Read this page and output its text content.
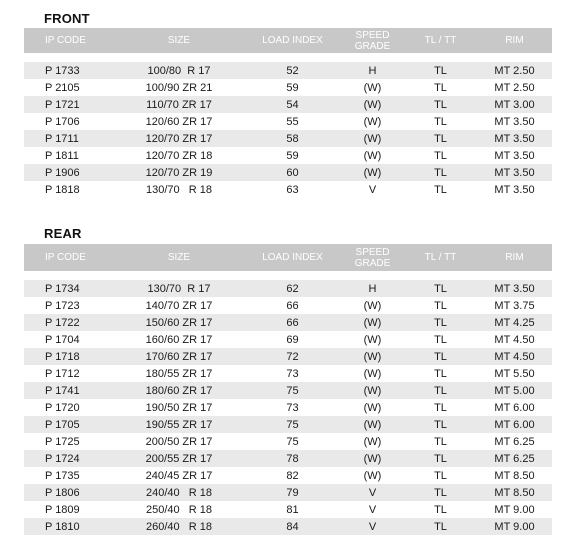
FRONT
IP CODE	SIZE	LOAD INDEX	SPEED GRADE	TL / TT	RIM
P 1733	100/80  R 17	52	H	TL	MT 2.50
P 2105	100/90 ZR 21	59	(W)	TL	MT 2.50
P 1721	110/70 ZR 17	54	(W)	TL	MT 3.00
P 1706	120/60 ZR 17	55	(W)	TL	MT 3.50
P 1711	120/70 ZR 17	58	(W)	TL	MT 3.50
P 1811	120/70 ZR 18	59	(W)	TL	MT 3.50
P 1906	120/70 ZR 19	60	(W)	TL	MT 3.50
P 1818	130/70   R 18	63	V	TL	MT 3.50
REAR
IP CODE	SIZE	LOAD INDEX	SPEED GRADE	TL / TT	RIM
P 1734	130/70  R 17	62	H	TL	MT 3.50
P 1723	140/70 ZR 17	66	(W)	TL	MT 3.75
P 1722	150/60 ZR 17	66	(W)	TL	MT 4.25
P 1704	160/60 ZR 17	69	(W)	TL	MT 4.50
P 1718	170/60 ZR 17	72	(W)	TL	MT 4.50
P 1712	180/55 ZR 17	73	(W)	TL	MT 5.50
P 1741	180/60 ZR 17	75	(W)	TL	MT 5.00
P 1720	190/50 ZR 17	73	(W)	TL	MT 6.00
P 1705	190/55 ZR 17	75	(W)	TL	MT 6.00
P 1725	200/50 ZR 17	75	(W)	TL	MT 6.25
P 1724	200/55 ZR 17	78	(W)	TL	MT 6.25
P 1735	240/45 ZR 17	82	(W)	TL	MT 8.50
P 1806	240/40   R 18	79	V	TL	MT 8.50
P 1809	250/40   R 18	81	V	TL	MT 9.00
P 1810	260/40   R 18	84	V	TL	MT 9.00
